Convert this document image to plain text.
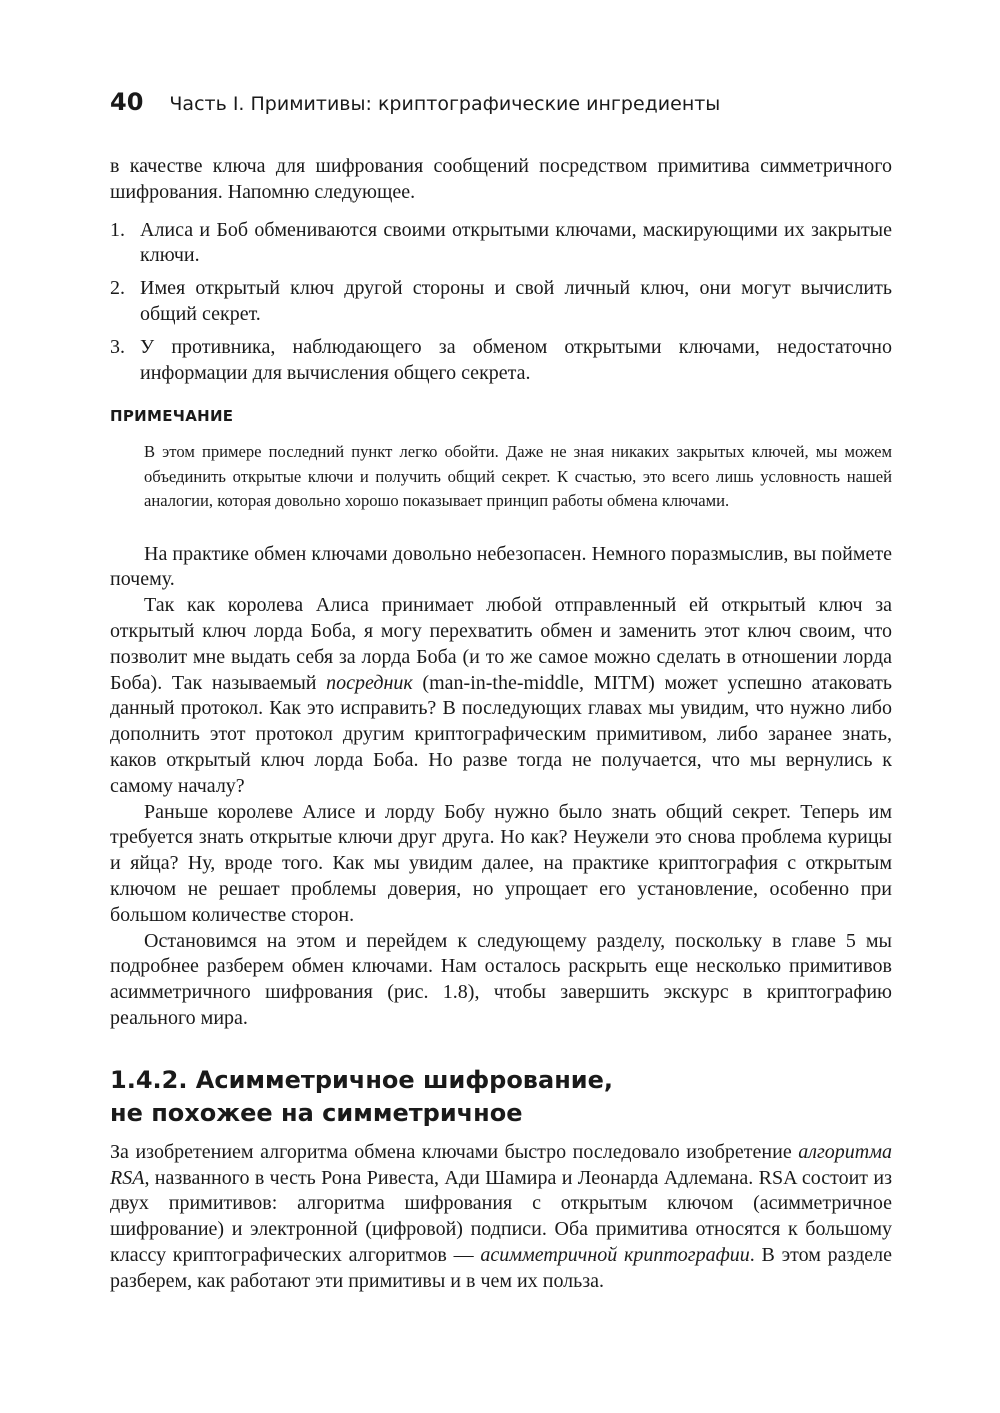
40 Часть I. Примитивы: криптографические ингредиенты

в качестве ключа для шифрования сообщений посредством примитива симметричного шифрования. Напомню следующее.

1. Алиса и Боб обмениваются своими открытыми ключами, маскирующими их закрытые ключи.
2. Имея открытый ключ другой стороны и свой личный ключ, они могут вычислить общий секрет.
3. У противника, наблюдающего за обменом открытыми ключами, недостаточно информации для вычисления общего секрета.
ПРИМЕЧАНИЕ

В этом примере последний пункт легко обойти. Даже не зная никаких закрытых ключей, мы можем объединить открытые ключи и получить общий секрет. К счастью, это всего лишь условность нашей аналогии, которая довольно хорошо показывает принцип работы обмена ключами.

На практике обмен ключами довольно небезопасен. Немного поразмыслив, вы поймете почему.

Так как королева Алиса принимает любой отправленный ей открытый ключ за открытый ключ лорда Боба, я могу перехватить обмен и заменить этот ключ своим, что позволит мне выдать себя за лорда Боба (и то же самое можно сделать в отношении лорда Боба). Так называемый посредник (man-in-the-middle, MITM) может успешно атаковать данный протокол. Как это исправить? В последующих главах мы увидим, что нужно либо дополнить этот протокол другим криптографическим примитивом, либо заранее знать, каков открытый ключ лорда Боба. Но разве тогда не получается, что мы вернулись к самому началу?

Раньше королеве Алисе и лорду Бобу нужно было знать общий секрет. Теперь им требуется знать открытые ключи друг друга. Но как? Неужели это снова проблема курицы и яйца? Ну, вроде того. Как мы увидим далее, на практике криптография с открытым ключом не решает проблемы доверия, но упрощает его установление, особенно при большом количестве сторон.

Остановимся на этом и перейдем к следующему разделу, поскольку в главе 5 мы подробнее разберем обмен ключами. Нам осталось раскрыть еще несколько примитивов асимметричного шифрования (рис. 1.8), чтобы завершить экскурс в криптографию реального мира.

1.4.2. Асимметричное шифрование,
не похожее на симметричное

За изобретением алгоритма обмена ключами быстро последовало изобретение алгоритма RSA, названного в честь Рона Ривеста, Ади Шамира и Леонарда Адлемана. RSA состоит из двух примитивов: алгоритма шифрования с открытым ключом (асимметричное шифрование) и электронной (цифровой) подписи. Оба примитива относятся к большому классу криптографических алгоритмов — асимметричной криптографии. В этом разделе разберем, как работают эти примитивы и в чем их польза.
